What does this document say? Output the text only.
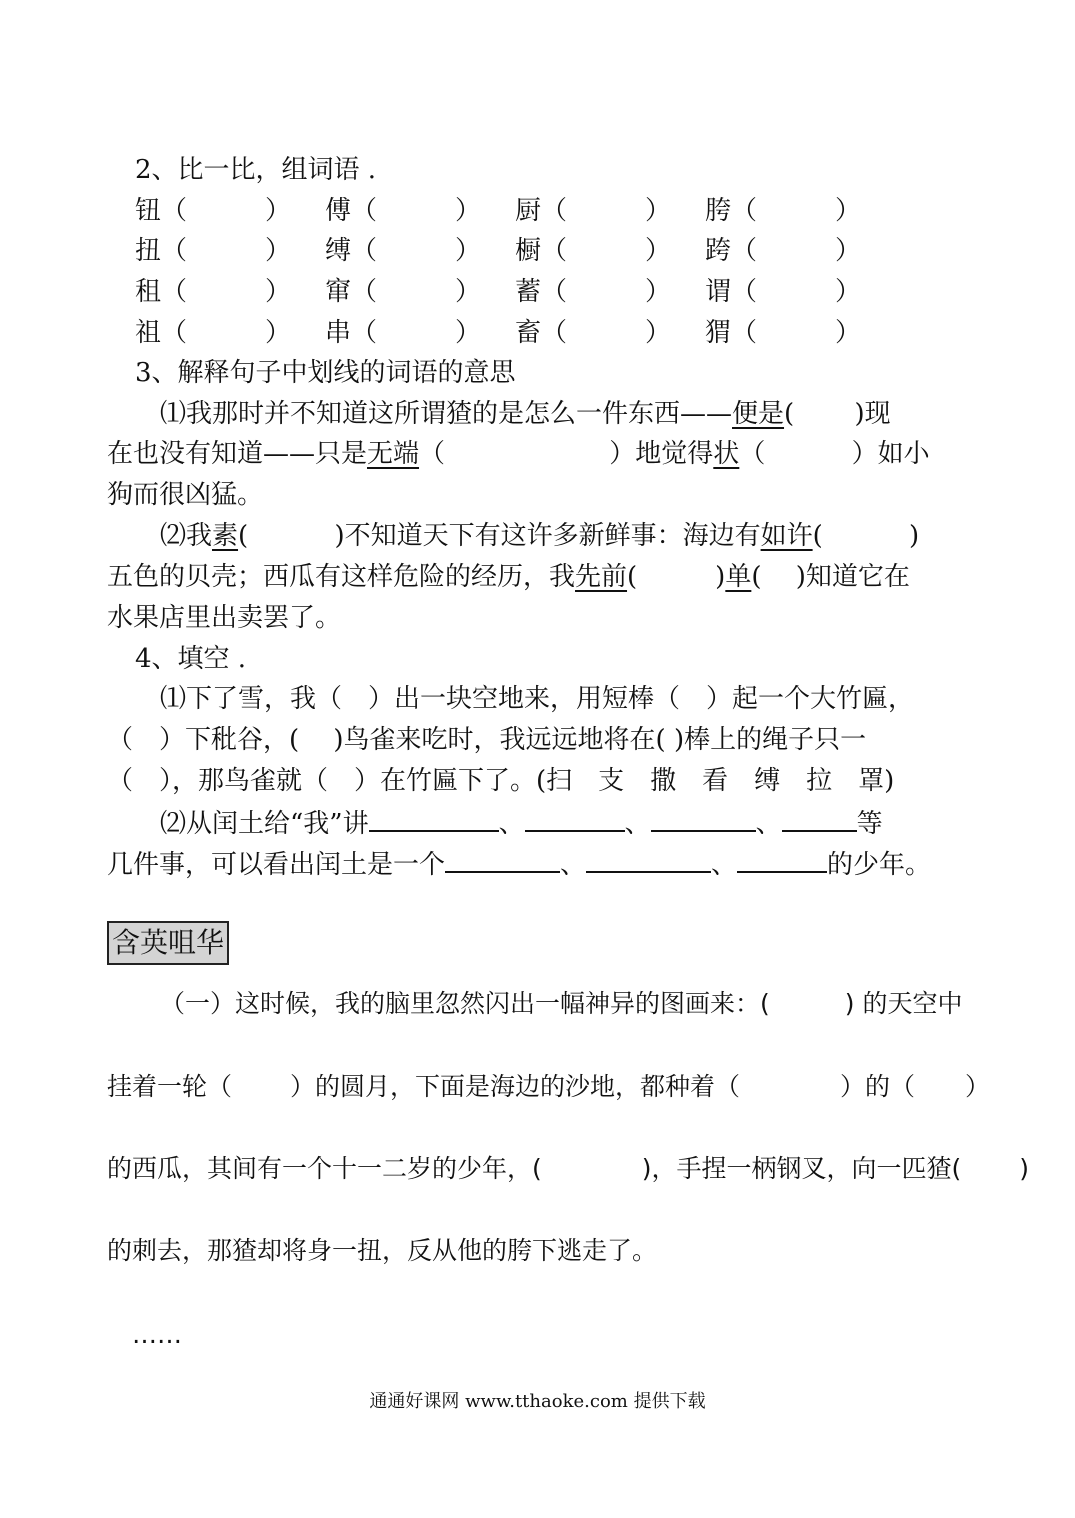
2、比一比，组词语 .
钮（　　　） 傅（　　　） 厨（　　　） 胯（　　　）
扭（　　　） 缚（　　　） 橱（　　　） 跨（　　　）
租（　　　） 窜（　　　） 蓄（　　　） 谓（　　　）
祖（　　　） 串（　　　） 畜（　　　） 猬（　　　）
3、解释句子中划线的词语的意思
⑴我那时并不知道这所谓猹的是怎么一件东西——便是(　　 )现
在也没有知道——只是无端（　　　　　　 ）地觉得状（　　　 ）如小
狗而很凶猛。
⑵我素(　　 　)不知道天下有这许多新鲜事：海边有如许(　　 　)
五色的贝壳；西瓜有这样危险的经历，我先前(　　　)单(　 )知道它在
水果店里出卖罢了。
4、填空 .
⑴下了雪，我（　）出一块空地来，用短棒（　）起一个大竹匾，
（　）下秕谷，(　 )鸟雀来吃时，我远远地将在( )棒上的绳子只一
（　），那鸟雀就（　）在竹匾下了。(扫　支　撒　看　缚　拉　罩)
⑵从闰土给“我”讲	、	、	、	等
几件事，可以看出闰土是一个	、	、	的少年。
含英咀华
（一）这时候，我的脑里忽然闪出一幅神异的图画来：(　　　) 的天空中
挂着一轮（　　 ）的圆月，下面是海边的沙地，都种着（　　　　）的（　　）
的西瓜，其间有一个十一二岁的少年，(　　　　)，手捏一柄钢叉，向一匹猹(　　 )
的刺去，那猹却将身一扭，反从他的胯下逃走了。
……
通通好课网 www.tthaoke.com 提供下载
